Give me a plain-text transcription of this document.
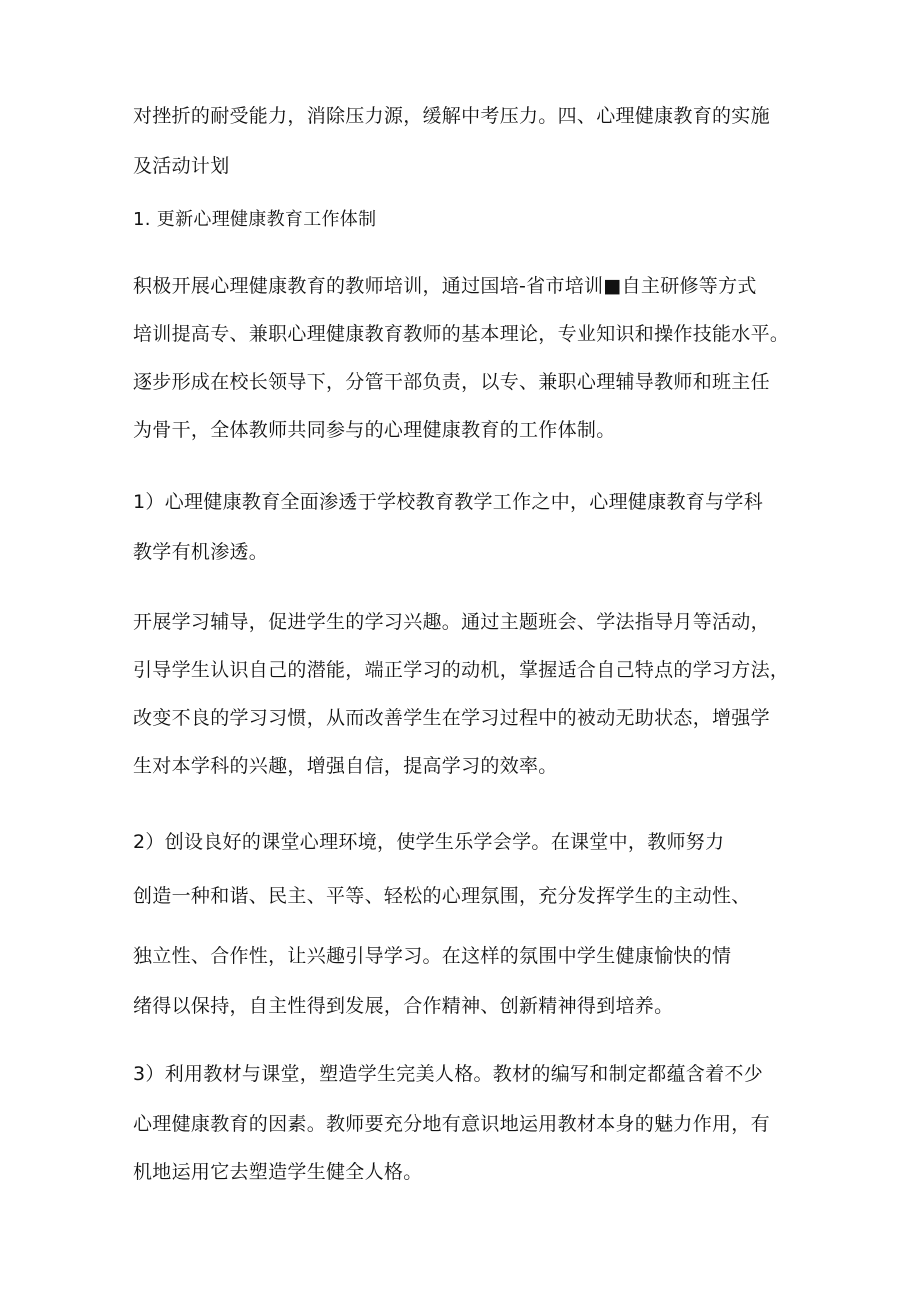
对挫折的耐受能力，消除压力源，缓解中考压力。四、心理健康教育的实施
及活动计划
1. 更新心理健康教育工作体制
积极开展心理健康教育的教师培训，通过国培-省市培训■自主研修等方式
培训提高专、兼职心理健康教育教师的基本理论，专业知识和操作技能水平。
逐步形成在校长领导下，分管干部负责，以专、兼职心理辅导教师和班主任
为骨干，全体教师共同参与的心理健康教育的工作体制。
1）心理健康教育全面渗透于学校教育教学工作之中，心理健康教育与学科
教学有机渗透。
开展学习辅导，促进学生的学习兴趣。通过主题班会、学法指导月等活动，
引导学生认识自己的潜能，端正学习的动机，掌握适合自己特点的学习方法，
改变不良的学习习惯，从而改善学生在学习过程中的被动无助状态，增强学
生对本学科的兴趣，增强自信，提高学习的效率。
2）创设良好的课堂心理环境，使学生乐学会学。在课堂中，教师努力
创造一种和谐、民主、平等、轻松的心理氛围，充分发挥学生的主动性、
独立性、合作性，让兴趣引导学习。在这样的氛围中学生健康愉快的情
绪得以保持，自主性得到发展，合作精神、创新精神得到培养。
3）利用教材与课堂，塑造学生完美人格。教材的编写和制定都蕴含着不少
心理健康教育的因素。教师要充分地有意识地运用教材本身的魅力作用，有
机地运用它去塑造学生健全人格。
